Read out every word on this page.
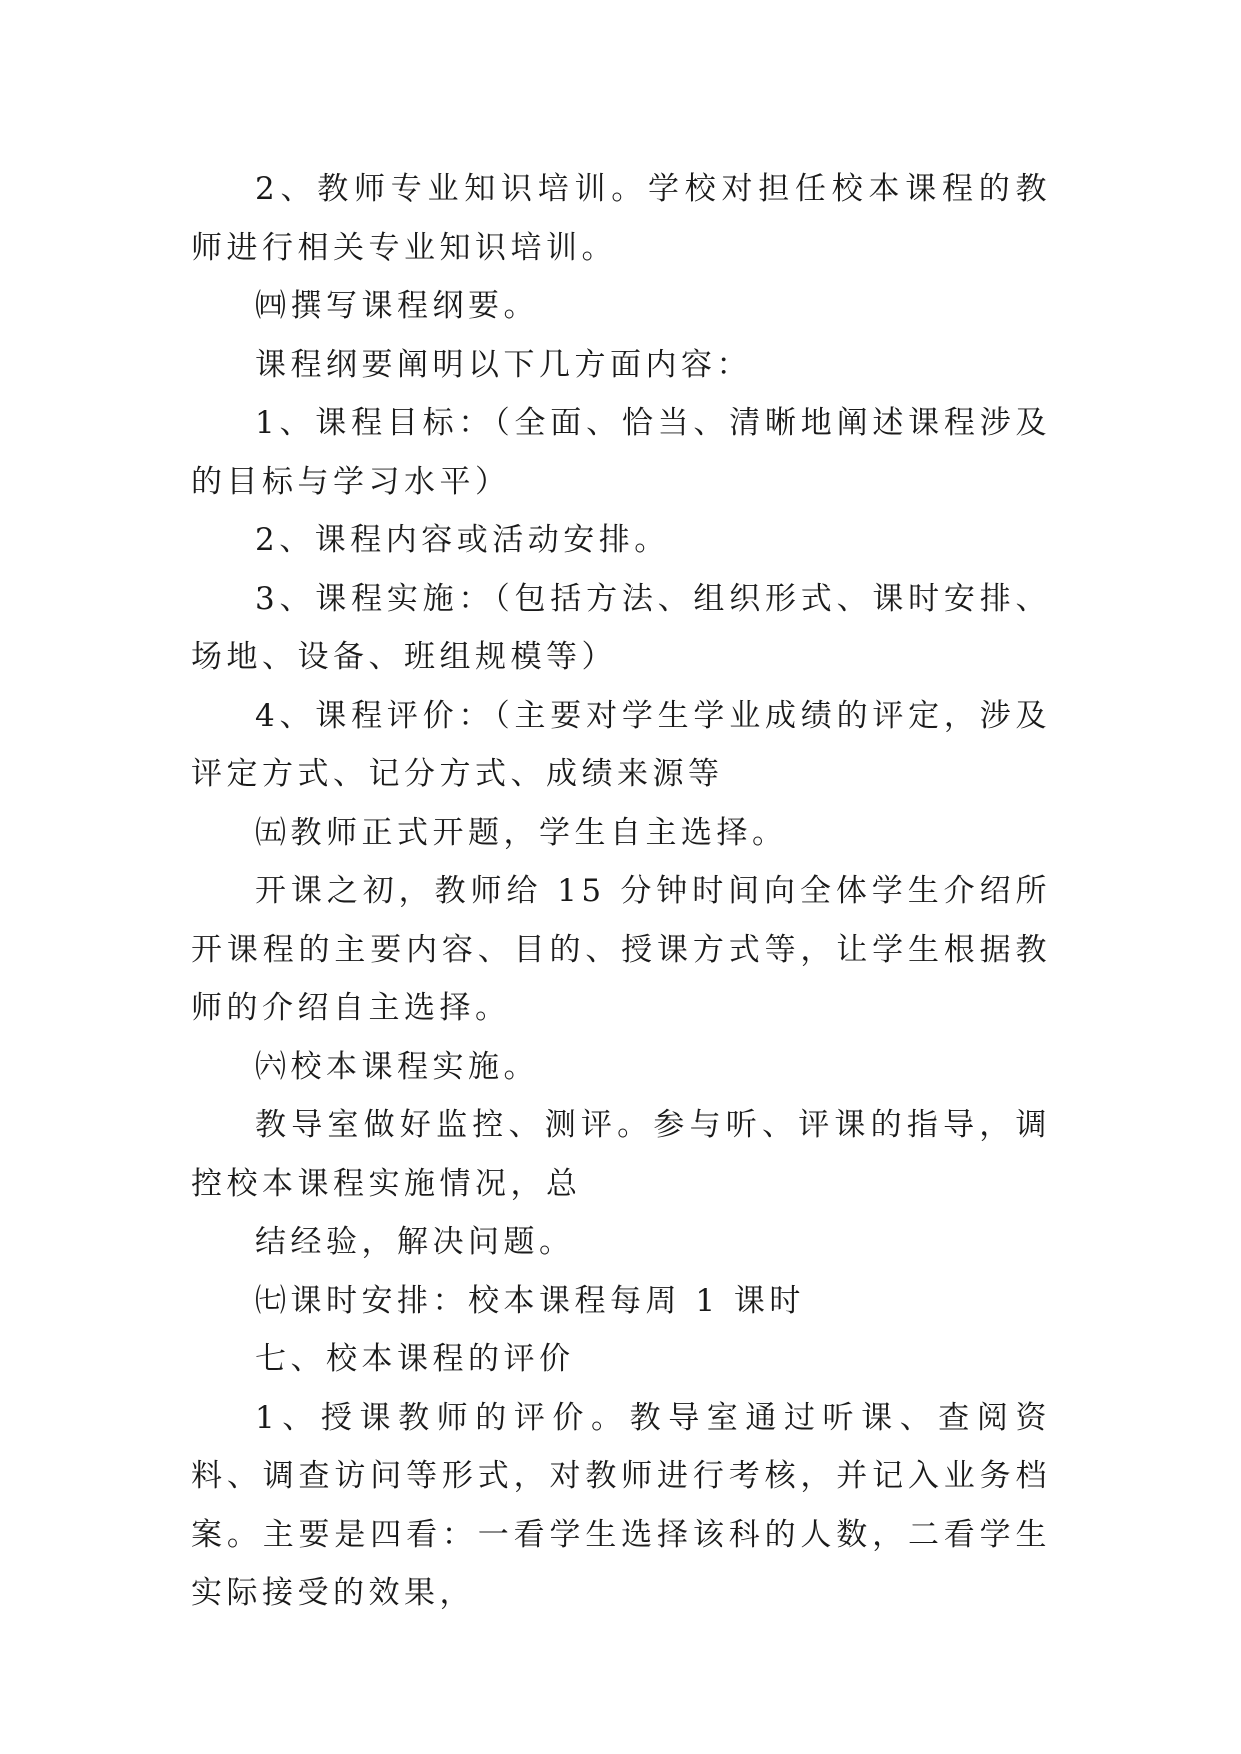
2、教师专业知识培训。学校对担任校本课程的教师进行相关专业知识培训。

㈣撰写课程纲要。

课程纲要阐明以下几方面内容：

1、课程目标：（全面、恰当、清晰地阐述课程涉及的目标与学习水平）

2、课程内容或活动安排。

3、课程实施：（包括方法、组织形式、课时安排、场地、设备、班组规模等）

4、课程评价：（主要对学生学业成绩的评定，涉及评定方式、记分方式、成绩来源等

㈤教师正式开题，学生自主选择。

开课之初，教师给 15 分钟时间向全体学生介绍所开课程的主要内容、目的、授课方式等，让学生根据教师的介绍自主选择。

㈥校本课程实施。

教导室做好监控、测评。参与听、评课的指导，调控校本课程实施情况，总

结经验，解决问题。

㈦课时安排：校本课程每周 1 课时

七、校本课程的评价

1、授课教师的评价。教导室通过听课、查阅资料、调查访问等形式，对教师进行考核，并记入业务档案。主要是四看：一看学生选择该科的人数，二看学生实际接受的效果，
